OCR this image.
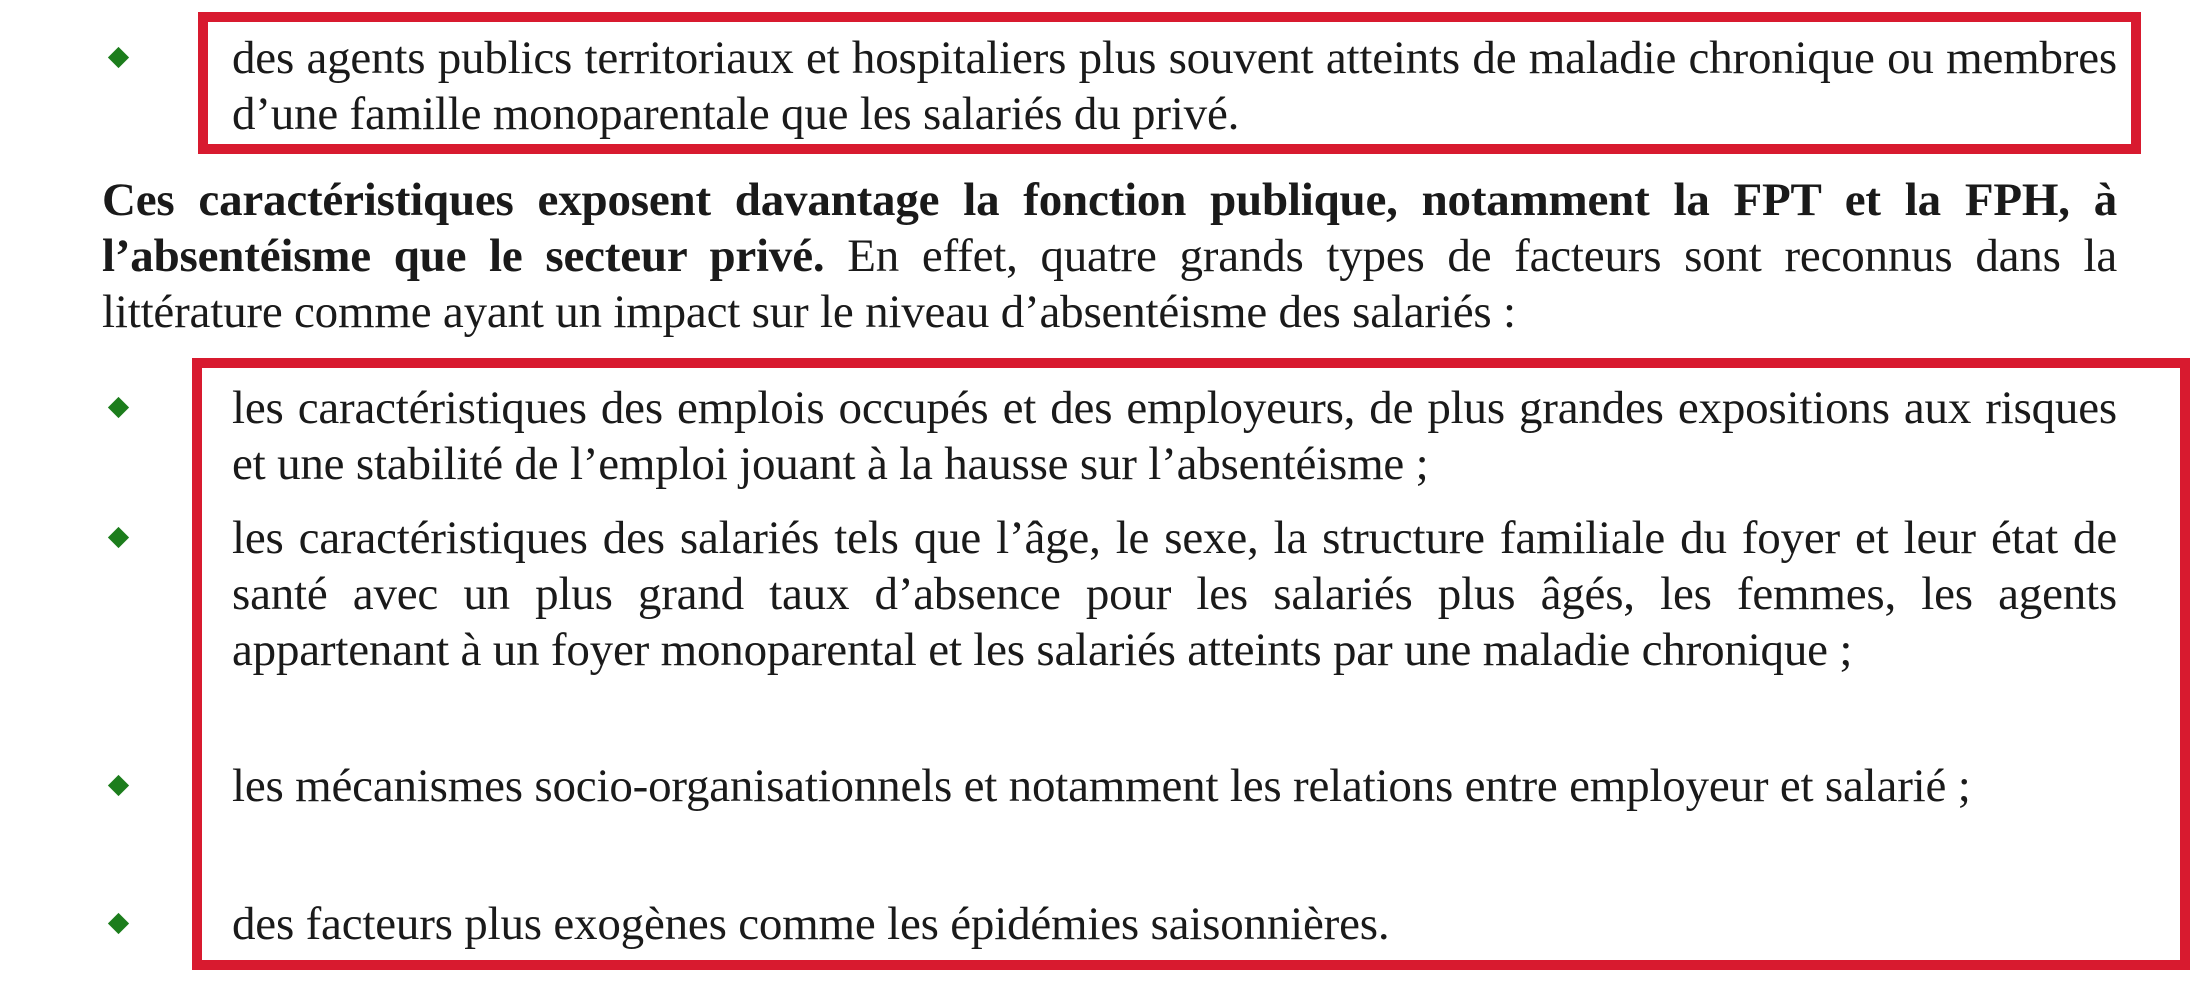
des agents publics territoriaux et hospitaliers plus souvent atteints de maladie chronique ou membres d’une famille monoparentale que les salariés du privé.
Ces caractéristiques exposent davantage la fonction publique, notamment la FPT et la FPH, à l’absentéisme que le secteur privé. En effet, quatre grands types de facteurs sont reconnus dans la littérature comme ayant un impact sur le niveau d’absentéisme des salariés :
les caractéristiques des emplois occupés et des employeurs, de plus grandes expositions aux risques et une stabilité de l’emploi jouant à la hausse sur l’absentéisme ;
les caractéristiques des salariés tels que l’âge, le sexe, la structure familiale du foyer et leur état de santé avec un plus grand taux d’absence pour les salariés plus âgés, les femmes, les agents appartenant à un foyer monoparental et les salariés atteints par une maladie chronique ;
les mécanismes socio-organisationnels et notamment les relations entre employeur et salarié ;
des facteurs plus exogènes comme les épidémies saisonnières.
